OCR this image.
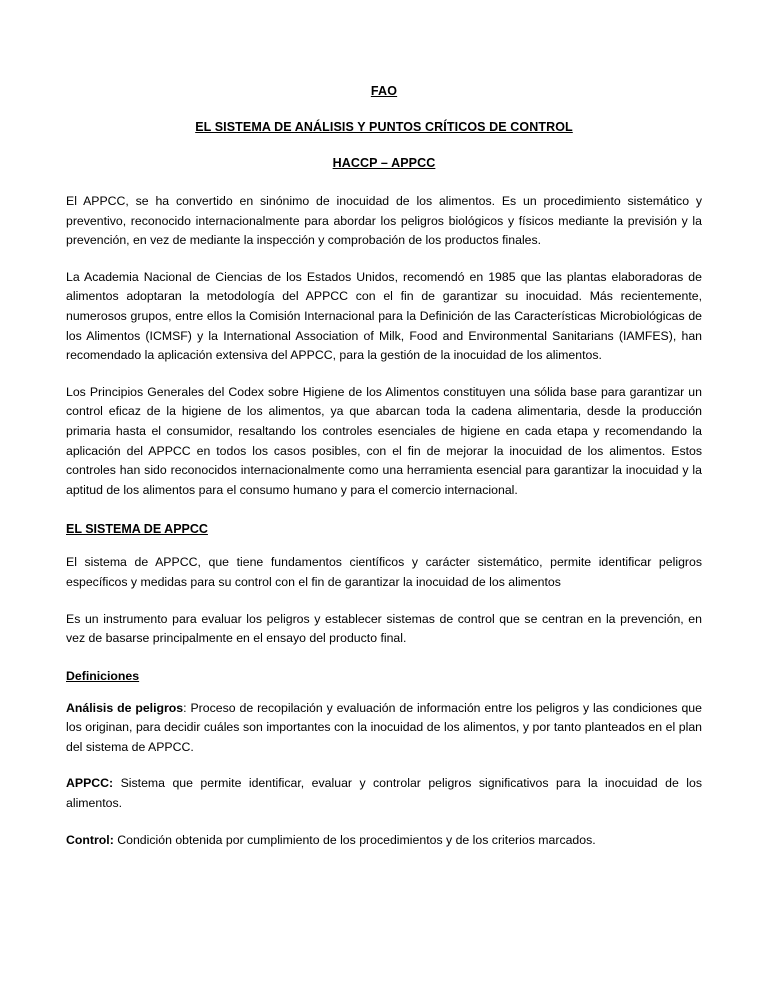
FAO
EL SISTEMA DE ANÁLISIS Y PUNTOS CRÍTICOS DE CONTROL
HACCP – APPCC

El APPCC, se ha convertido en sinónimo de inocuidad de los alimentos. Es un procedimiento sistemático y preventivo, reconocido internacionalmente para abordar los peligros biológicos y físicos mediante la previsión y la prevención, en vez de mediante la inspección y comprobación de los productos finales.

La Academia Nacional de Ciencias de los Estados Unidos, recomendó en 1985 que las plantas elaboradoras de alimentos adoptaran la metodología del APPCC con el fin de garantizar su inocuidad. Más recientemente, numerosos grupos, entre ellos la Comisión Internacional para la Definición de las Características Microbiológicas de los Alimentos (ICMSF) y la International Association of Milk, Food and Environmental Sanitarians (IAMFES), han recomendado la aplicación extensiva del APPCC, para la gestión de la inocuidad de los alimentos.

Los Principios Generales del Codex sobre Higiene de los Alimentos constituyen una sólida base para garantizar un control eficaz de la higiene de los alimentos, ya que abarcan toda la cadena alimentaria, desde la producción primaria hasta el consumidor, resaltando los controles esenciales de higiene en cada etapa y recomendando la aplicación del APPCC en todos los casos posibles, con el fin de mejorar la inocuidad de los alimentos. Estos controles han sido reconocidos internacionalmente como una herramienta esencial para garantizar la inocuidad y la aptitud de los alimentos para el consumo humano y para el comercio internacional.

EL SISTEMA DE APPCC

El sistema de APPCC, que tiene fundamentos científicos y carácter sistemático, permite identificar peligros específicos y medidas para su control con el fin de garantizar la inocuidad de los alimentos

Es un instrumento para evaluar los peligros y establecer sistemas de control que se centran en la prevención, en vez de basarse principalmente en el ensayo del producto final.

Definiciones

Análisis de peligros: Proceso de recopilación y evaluación de información entre los peligros y las condiciones que los originan, para decidir cuáles son importantes con la inocuidad de los alimentos, y por tanto planteados en el plan del sistema de APPCC.

APPCC: Sistema que permite identificar, evaluar y controlar peligros significativos para la inocuidad de los alimentos.

Control: Condición obtenida por cumplimiento de los procedimientos y de los criterios marcados.
